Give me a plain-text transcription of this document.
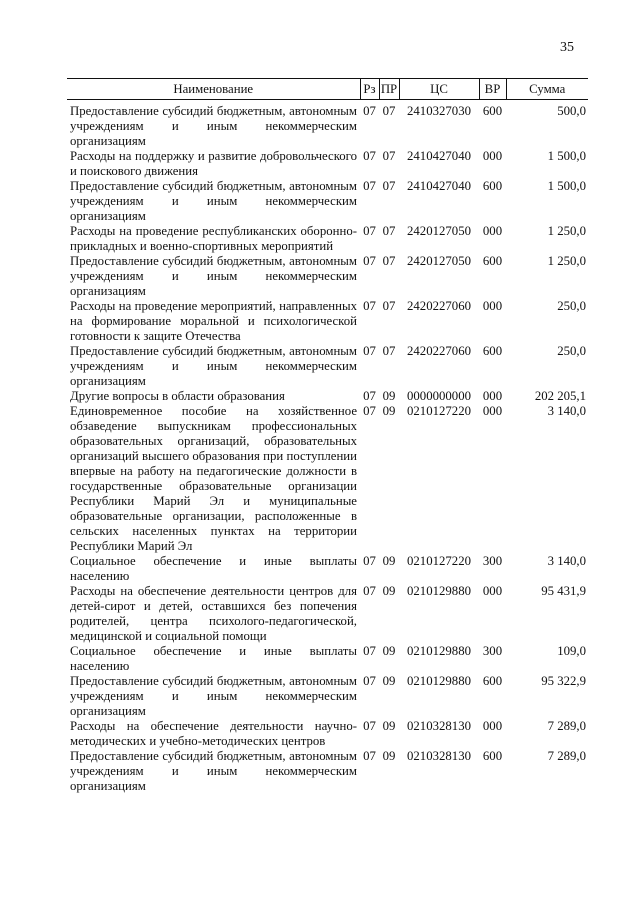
35
Наименование	Рз	ПР	ЦС	ВР	Сумма
Предоставление субсидий бюджетным, автономным учреждениям и иным некоммерческим организациям	07	07	2410327030	600	500,0
Расходы на поддержку и развитие добровольческого и поискового движения	07	07	2410427040	000	1 500,0
Предоставление субсидий бюджетным, автономным учреждениям и иным некоммерческим организациям	07	07	2410427040	600	1 500,0
Расходы на проведение республиканских оборонно-прикладных и военно-спортивных мероприятий	07	07	2420127050	000	1 250,0
Предоставление субсидий бюджетным, автономным учреждениям и иным некоммерческим организациям	07	07	2420127050	600	1 250,0
Расходы на проведение мероприятий, направленных на формирование моральной и психологической готовности к защите Отечества	07	07	2420227060	000	250,0
Предоставление субсидий бюджетным, автономным учреждениям и иным некоммерческим организациям	07	07	2420227060	600	250,0
Другие вопросы в области образования	07	09	0000000000	000	202 205,1
Единовременное пособие на хозяйственное обзаведение выпускникам профессиональных образовательных организаций, образовательных организаций высшего образования при поступлении впервые на работу на педагогические должности в государственные образовательные организации Республики Марий Эл и муниципальные образовательные организации, расположенные в сельских населенных пунктах на территории Республики Марий Эл	07	09	0210127220	000	3 140,0
Социальное обеспечение и иные выплаты населению	07	09	0210127220	300	3 140,0
Расходы на обеспечение деятельности центров для детей-сирот и детей, оставшихся без попечения родителей, центра психолого-педагогической, медицинской и социальной помощи	07	09	0210129880	000	95 431,9
Социальное обеспечение и иные выплаты населению	07	09	0210129880	300	109,0
Предоставление субсидий бюджетным, автономным учреждениям и иным некоммерческим организациям	07	09	0210129880	600	95 322,9
Расходы на обеспечение деятельности научно-методических и учебно-методических центров	07	09	0210328130	000	7 289,0
Предоставление субсидий бюджетным, автономным учреждениям и иным некоммерческим организациям	07	09	0210328130	600	7 289,0
